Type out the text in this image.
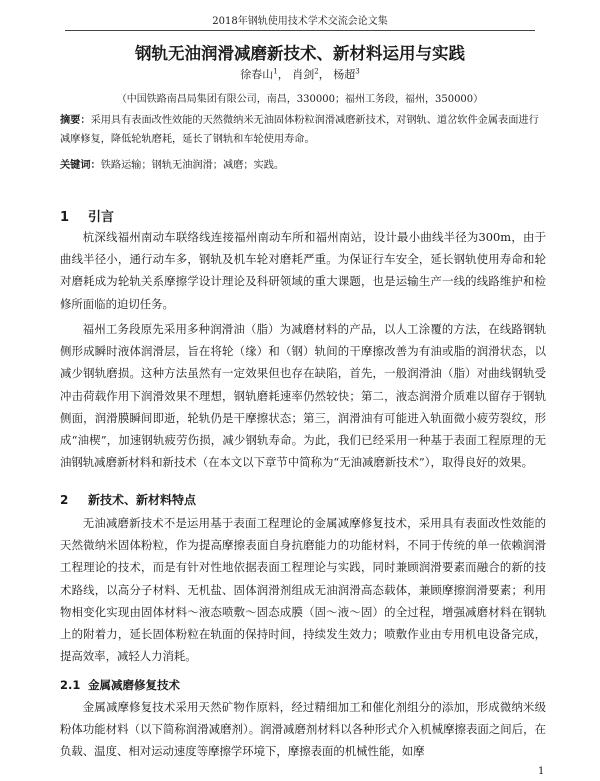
2018年钢轨使用技术学术交流会论文集
钢轨无油润滑减磨新技术、新材料运用与实践
徐春山$^1$， 肖剑$^2$， 杨超$^3$
（中国铁路南昌局集团有限公司，南昌，330000；福州工务段，福州，350000）
摘要：采用具有表面改性效能的天然微纳米无油固体粉粒润滑减磨新技术，对钢轨、道岔软件金属表面进行减摩修复，降低轮轨磨耗，延长了钢轨和车轮使用寿命。
关键词：铁路运输；钢轨无油润滑；减磨；实践。
1 引言
杭深线福州南动车联络线连接福州南动车所和福州南站，设计最小曲线半径为300m，由于曲线半径小，通行动车多，钢轨及机车轮对磨耗严重。为保证行车安全，延长钢轨使用寿命和轮对磨耗成为轮轨关系摩擦学设计理论及科研领域的重大课题，也是运输生产一线的线路维护和检修所面临的迫切任务。
福州工务段原先采用多种润滑油（脂）为减磨材料的产品，以人工涂覆的方法，在线路钢轨侧形成瞬时液体润滑层，旨在将轮（缘）和（钢）轨间的干摩擦改善为有油或脂的润滑状态，以减少钢轨磨损。这种方法虽然有一定效果但也存在缺陷，首先，一般润滑油（脂）对曲线钢轨受冲击荷载作用下润滑效果不理想，钢轨磨耗速率仍然较快；第二，液态润滑介质难以留存于钢轨侧面，润滑膜瞬间即逝，轮轨仍是干摩擦状态；第三，润滑油有可能进入轨面微小疲劳裂纹，形成“油楔”，加速钢轨疲劳伤损，减少钢轨寿命。为此，我们已经采用一种基于表面工程原理的无油钢轨减磨新材料和新技术（在本文以下章节中简称为“无油减磨新技术”），取得良好的效果。
2 新技术、新材料特点
无油减磨新技术不是运用基于表面工程理论的金属减摩修复技术，采用具有表面改性效能的天然微纳米固体粉粒，作为提高摩擦表面自身抗磨能力的功能材料，不同于传统的单一依赖润滑工程理论的技术，而是有针对性地依据表面工程理论与实践，同时兼顾润滑要素而融合的新的技术路线，以高分子材料、无机盐、固体润滑剂组成无油润滑高态载体，兼顾摩擦润滑要素；利用物相变化实现由固体材料～液态喷敷～固态成膜（固～液～固）的全过程，增强减磨材料在钢轨上的附着力，延长固体粉粒在轨面的保持时间，持续发生效力；喷敷作业由专用机电设备完成，提高效率，减轻人力消耗。
2.1 金属减磨修复技术
金属减摩修复技术采用天然矿物作原料，经过精细加工和催化剂组分的添加，形成微纳米级粉体功能材料（以下简称润滑减磨剂）。润滑减磨剂材料以各种形式介入机械摩擦表面之间后，在负载、温度、相对运动速度等摩擦学环境下，摩擦表面的机械性能，如摩
1
